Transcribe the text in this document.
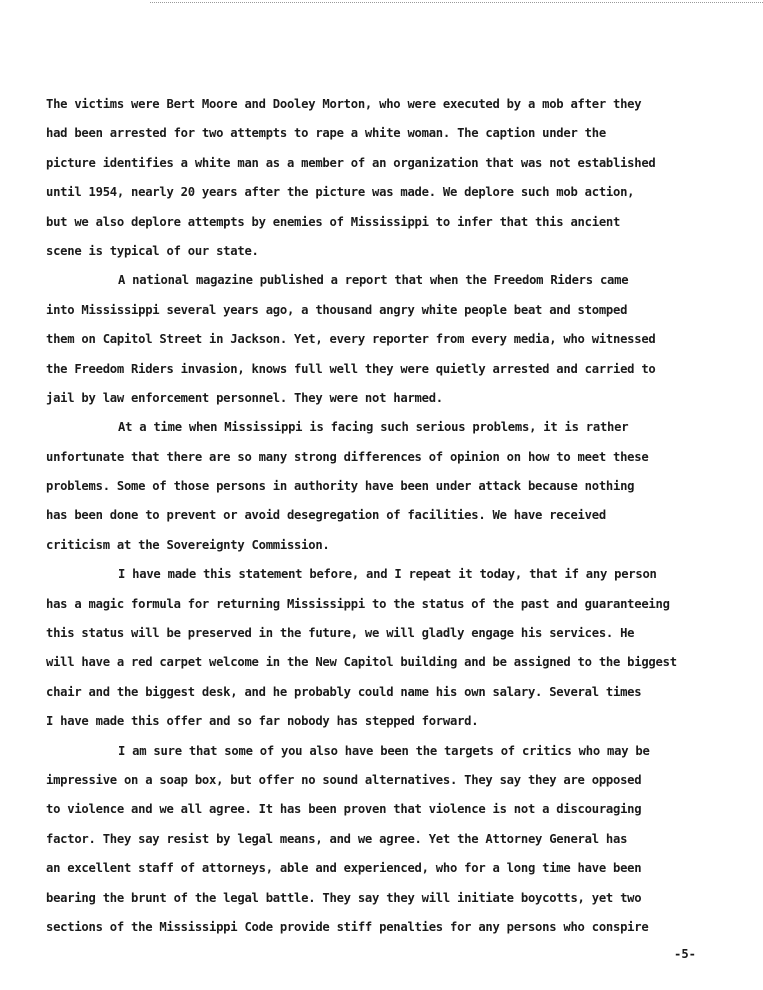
The victims were Bert Moore and Dooley Morton, who were executed by a mob after they
had been arrested for two attempts to rape a white woman. The caption under the
picture identifies a white man as a member of an organization that was not established
until 1954, nearly 20 years after the picture was made. We deplore such mob action,
but we also deplore attempts by enemies of Mississippi to infer that this ancient
scene is typical of our state.
A national magazine published a report that when the Freedom Riders came
into Mississippi several years ago, a thousand angry white people beat and stomped
them on Capitol Street in Jackson. Yet, every reporter from every media, who witnessed
the Freedom Riders invasion, knows full well they were quietly arrested and carried to
jail by law enforcement personnel. They were not harmed.
At a time when Mississippi is facing such serious problems, it is rather
unfortunate that there are so many strong differences of opinion on how to meet these
problems. Some of those persons in authority have been under attack because nothing
has been done to prevent or avoid desegregation of facilities. We have received
criticism at the Sovereignty Commission.
I have made this statement before, and I repeat it today, that if any person
has a magic formula for returning Mississippi to the status of the past and guaranteeing
this status will be preserved in the future, we will gladly engage his services. He
will have a red carpet welcome in the New Capitol building and be assigned to the biggest
chair and the biggest desk, and he probably could name his own salary. Several times
I have made this offer and so far nobody has stepped forward.
I am sure that some of you also have been the targets of critics who may be
impressive on a soap box, but offer no sound alternatives. They say they are opposed
to violence and we all agree. It has been proven that violence is not a discouraging
factor. They say resist by legal means, and we agree. Yet the Attorney General has
an excellent staff of attorneys, able and experienced, who for a long time have been
bearing the brunt of the legal battle. They say they will initiate boycotts, yet two
sections of the Mississippi Code provide stiff penalties for any persons who conspire
-5-
